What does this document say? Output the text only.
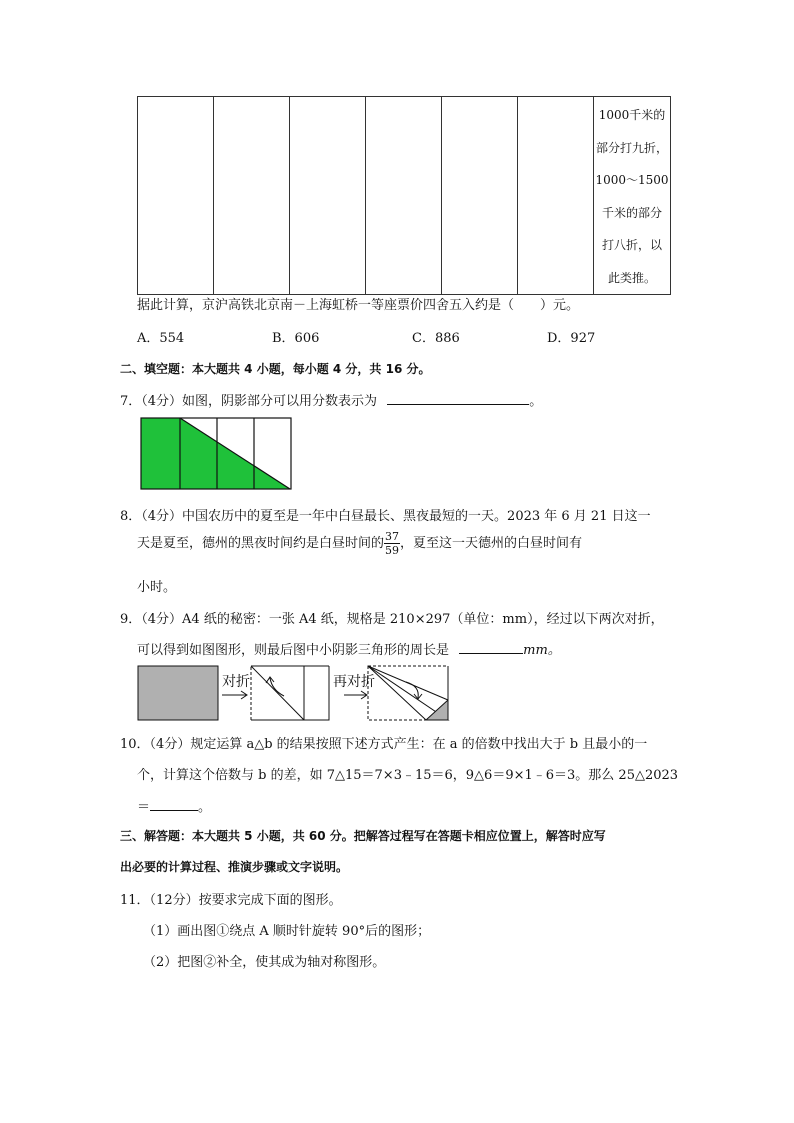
1000千米的
部分打九折，
1000～1500
千米的部分
打八折，以
此类推。
据此计算，京沪高铁北京南－上海虹桥一等座票价四舍五入约是（　　）元。
A．554	B．606	C．886	D．927
二、填空题：本大题共 4 小题，每小题 4 分，共 16 分。
7．（4分）如图，阴影部分可以用分数表示为	。
8．（4分）中国农历中的夏至是一年中白昼最长、黑夜最短的一天。2023 年 6 月 21 日这一
天是夏至，德州的黑夜时间约是白昼时间的 $\frac{37}{59}$ ，夏至这一天德州的白昼时间有
小时。
9．（4分）A4 纸的秘密：一张 A4 纸，规格是 210×297（单位：mm），经过以下两次对折，
可以得到如图图形，则最后图中小阴影三角形的周长是	mm。
对折	再对折
10．（4分）规定运算 a△b 的结果按照下述方式产生：在 a 的倍数中找出大于 b 且最小的一
个，计算这个倍数与 b 的差，如 7△15＝7×3﹣15＝6，9△6＝9×1﹣6＝3。那么 25△2023
＝	。
三、解答题：本大题共 5 小题，共 60 分。把解答过程写在答题卡相应位置上，解答时应写
出必要的计算过程、推演步骤或文字说明。
11．（12分）按要求完成下面的图形。
（1）画出图①绕点 A 顺时针旋转 90°后的图形；
（2）把图②补全，使其成为轴对称图形。
